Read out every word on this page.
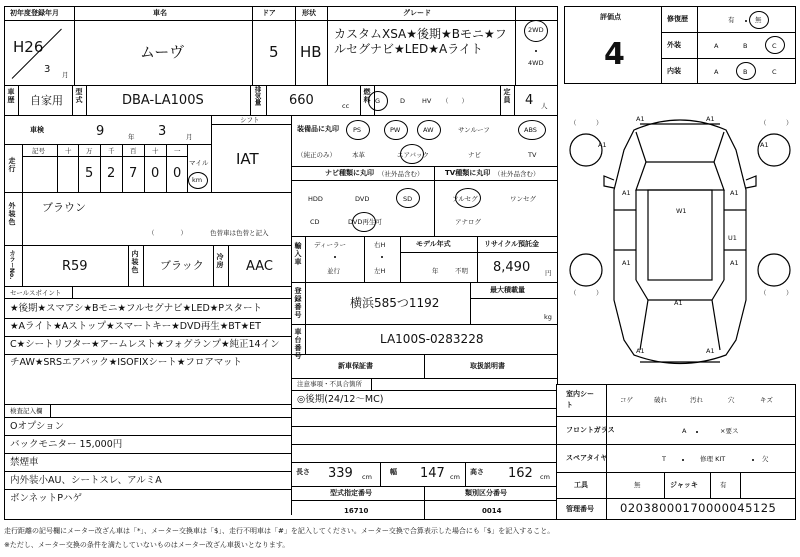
初年度登録年月	車名	ドア	形状	グレード
H26
3 月
ムーヴ	5 HB
カスタムXSA★後期★Bモニ★フルセグナビ★LED★Aライト
2WD
4WD
車歴 自家用 型式	DBA-LA100S	排気量 660	cc
燃料 G	D	HV （　　）	定員 4 人
車検	9	年 3	月
シフト
IAT
走行
記号	十 万 千 百 十 一
5 2 7 0 0
マイル
km
外装色 ブラウン
（　　　　）	色替車は色替と記入
カラーNo.	R59	内装色 ブラック 冷房 AAC
セールスポイント
★後期★スマアシ★Bモニ★フルセグナビ★LED★Pスタート
★Aライト★Aストップ★スマートキー★DVD再生★BT★ET
C★シートリフター★アームレスト★フォグランプ★純正14イン
チAW★SRSエアバック★ISOFIXシート★フロアマット
検査記入欄
Oオプション
バックモニター 15,000円
禁煙車
内外装小AU、シートスレ、アルミA
ボンネットPハゲ
装備品に丸印
（純正のみ）
PS	PW	AW	サンルーフ	ABS
本革	エアバック	ナビ	TV
ナビ種類に丸印 （社外品含む）
HDD	DVD	SD
CD	DVD再生可
TV種類に丸印 （社外品含む）
フルセグ	ワンセグ
アナログ
輸入車 ディーラー
並行
右H
左H
モデル年式
年	不明
リサイクル預託金
8,490 円
登録番号	横浜585つ1192
最大積載量
kg
車台番号	LA100S-0283228
新車保証書	取扱説明書
注意事項・不具合箇所
◎後期(24/12〜MC)
長さ 339 cm
幅 147 cm
高さ 162 cm
型式指定番号
16710
類別区分番号
0014
評価点
4
修復歴	有	無
外装	A	B	C
内装	A	B	C
（　　　）	（　　　）
（　　　）	（　　　）
A1	A1
A1	A1
A1	A1
A1	A1
A1	A1
W1
U1
A1
室内シート
コゲ	破れ	汚れ	穴	キズ
フロントガラス	A	×要ス
スペアタイヤ	T	修理 KIT	欠
工具	無	ジャッキ	有
管理番号 02038000170000045125
走行距離の記号欄にメーター改ざん車は「*」、メーター交換車は「$」、走行不明車は「#」を記入してください。メーター交換で合算表示した場合にも「$」を記入すること。
※ただし、メーター交換の条件を満たしていないものはメーター改ざん車扱いとなります。
